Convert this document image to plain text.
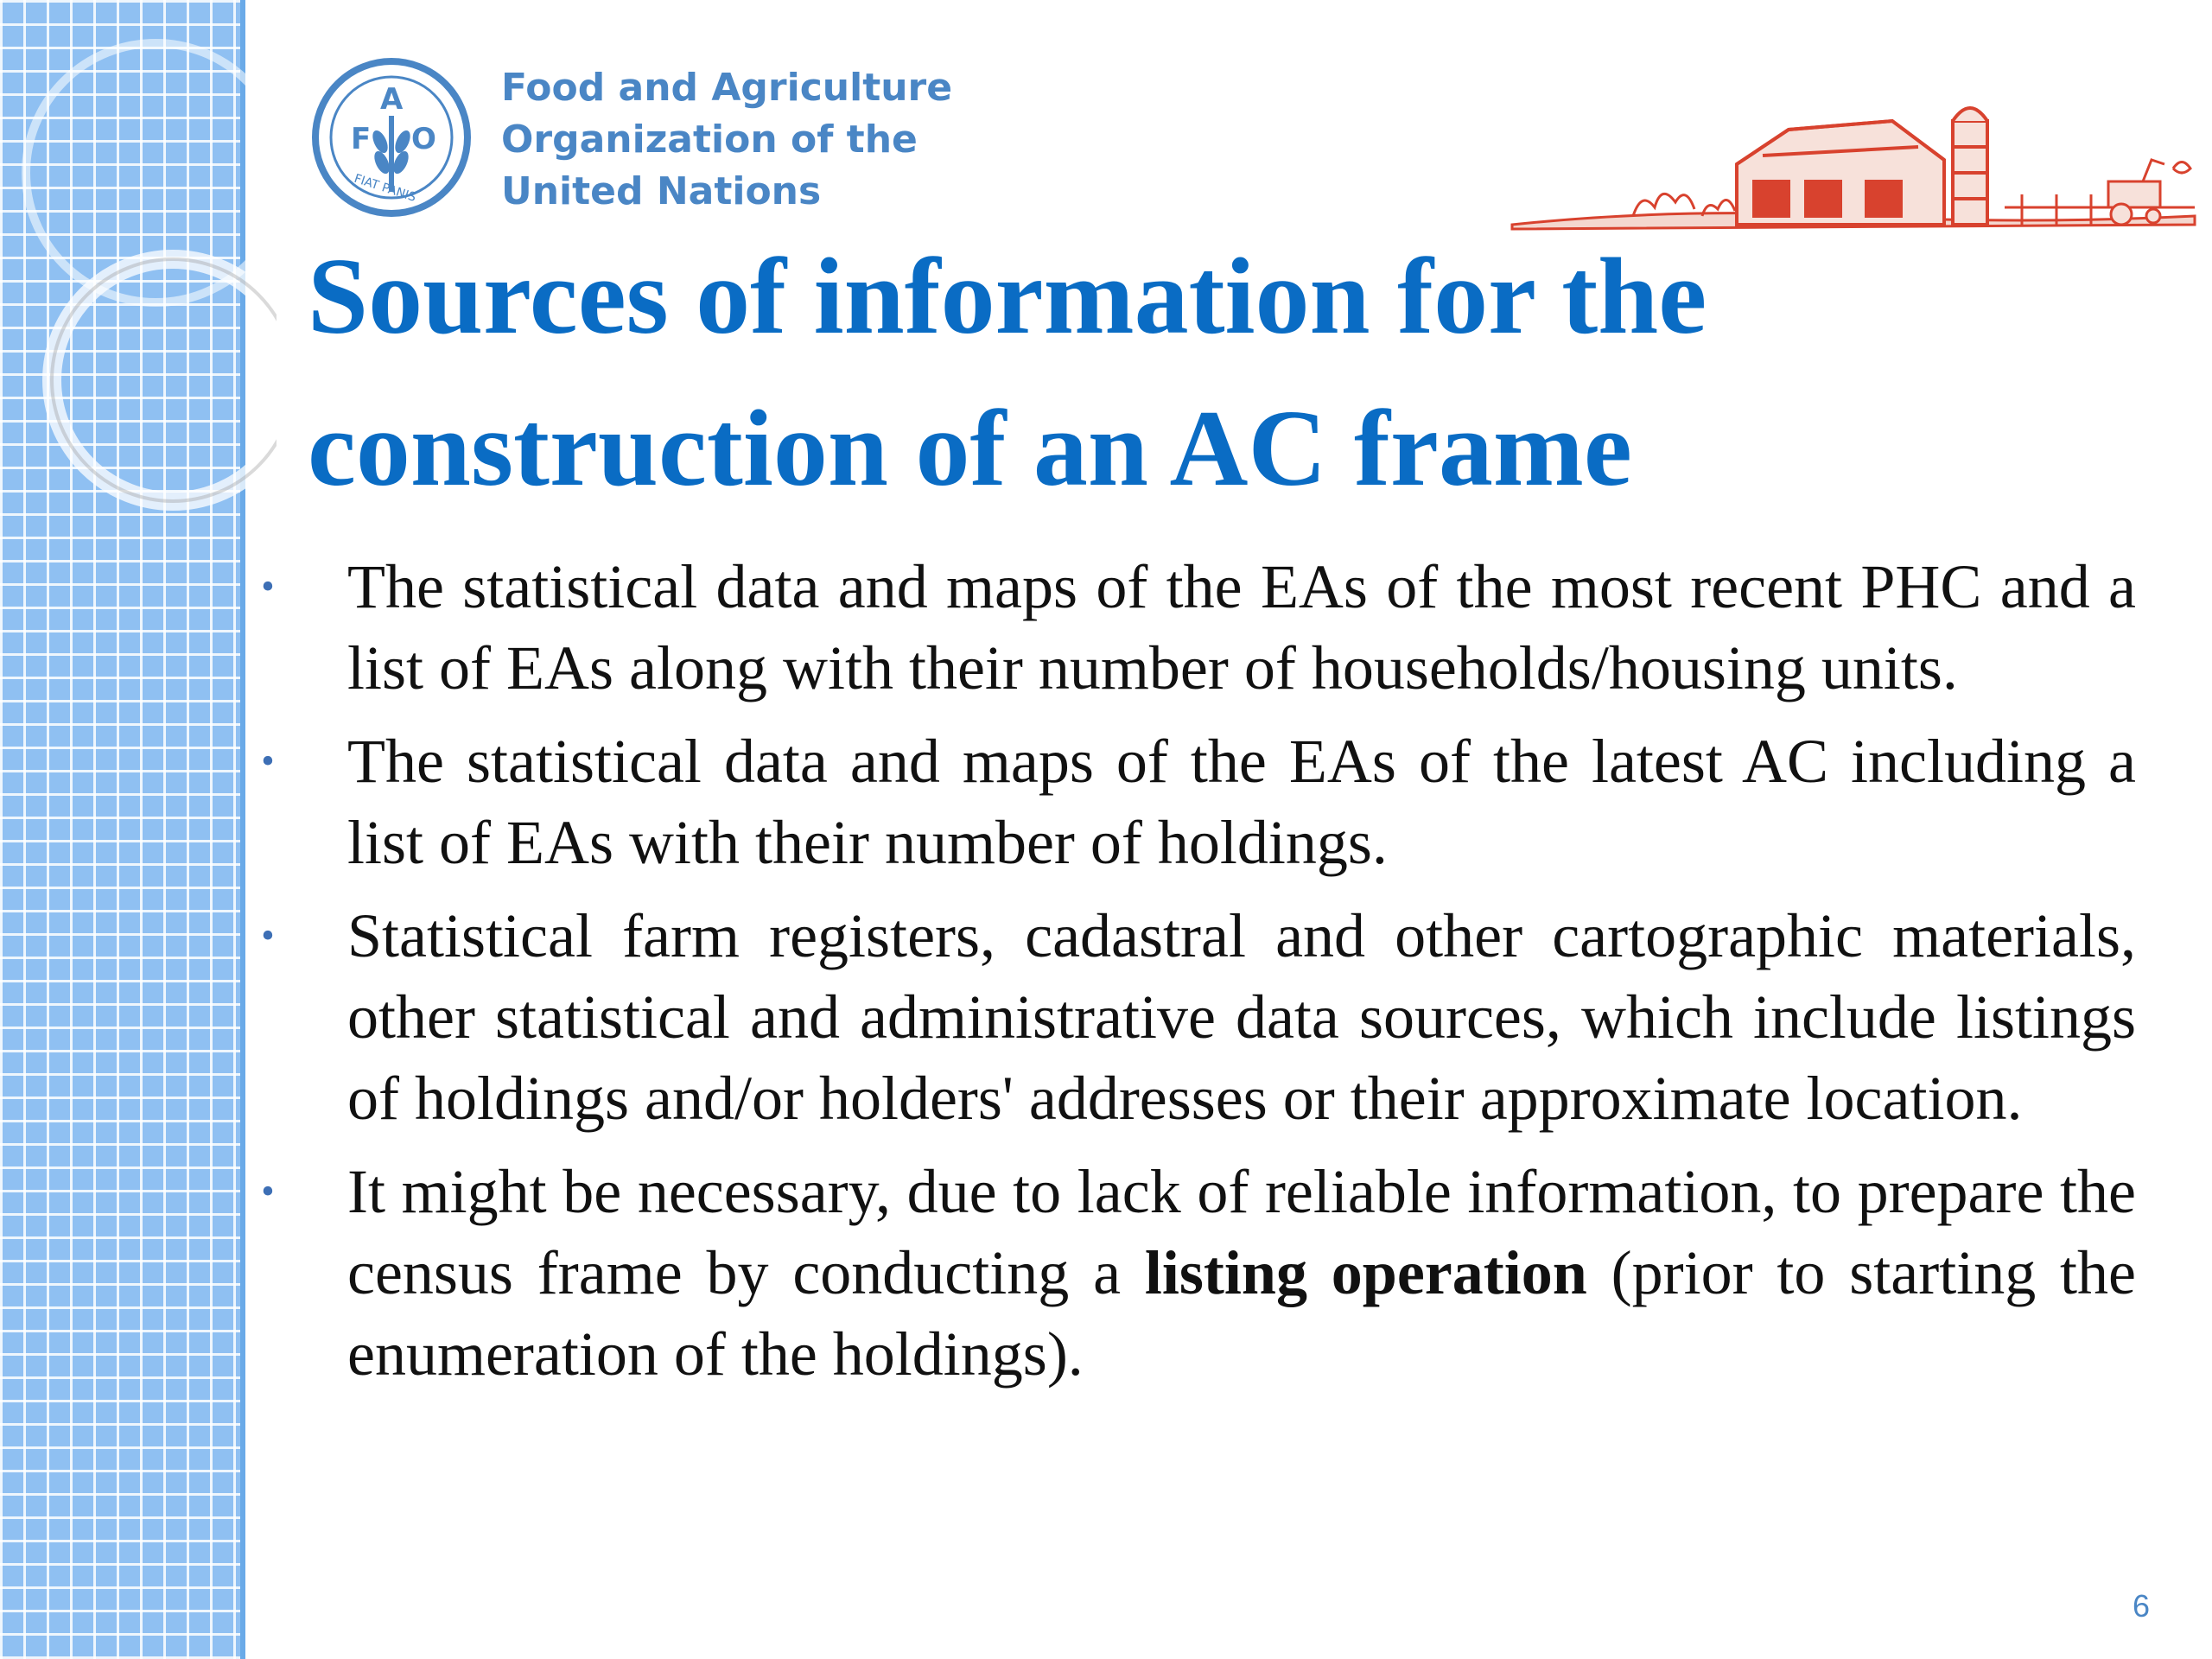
F
A
O
FIAT PANIS
Food and Agriculture
Organization of the
United Nations
Sources of information for the
construction of an AC frame
• The statistical data and maps of the EAs of the most recent PHC and a list of EAs along with their number of households/housing units.
• The statistical data and maps of the EAs of the latest AC including a list of EAs with their number of holdings.
• Statistical farm registers, cadastral and other cartographic materials, other statistical and administrative data sources, which include listings of holdings and/or holders' addresses or their approximate location.
• It might be necessary, due to lack of reliable information, to prepare the census frame by conducting a listing operation (prior to starting the enumeration of the holdings).
6
